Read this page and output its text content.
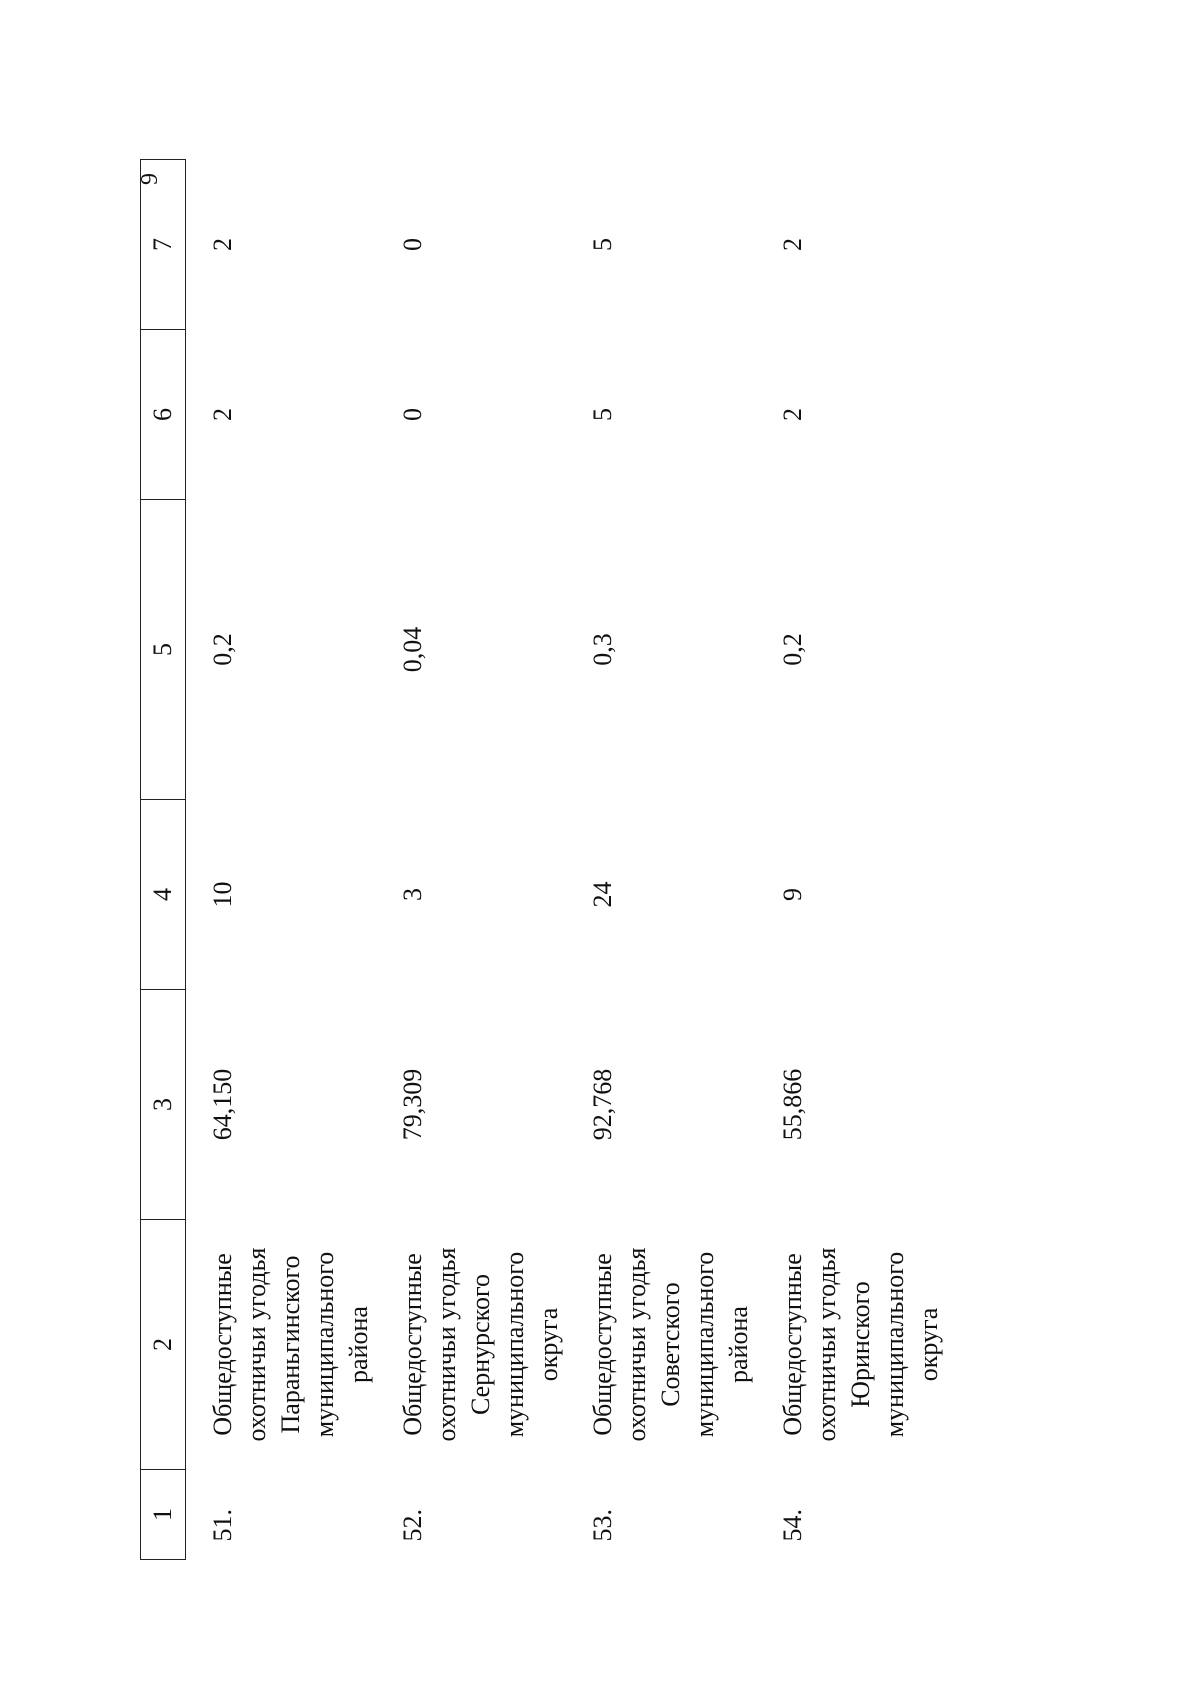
9
1	2	3	4	5	6	7
51.	Общедоступные охотничьи угодья Параньгинского муниципального района	64,150	10	0,2	2	2
52.	Общедоступные охотничьи угодья Сернурского муниципального округа	79,309	3	0,04	0	0
53.	Общедоступные охотничьи угодья Советского муниципального района	92,768	24	0,3	5	5
54.	Общедоступные охотничьи угодья Юринского муниципального округа	55,866	9	0,2	2	2
